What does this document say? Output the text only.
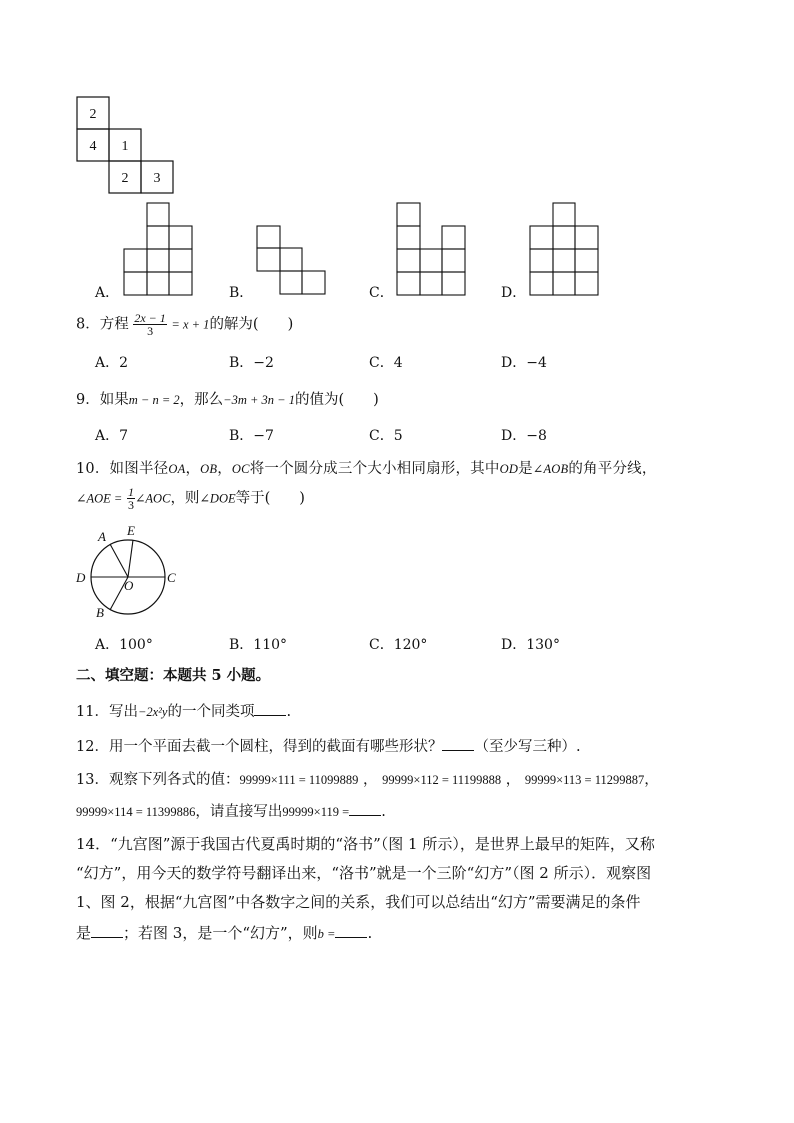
2
4 1
2 3
A．	B．	C．	D．
8．方程 $\frac{2x - 1}{3} = x + 1$的解为(　　)
A．2	B．−2	C．4	D．−4
9．如果m − n = 2，那么−3m + 3n − 1的值为(　　)
A．7	B．−7	C．5	D．−8
10．如图半径OA，OB，OC将一个圆分成三个大小相同扇形，其中OD是∠AOB的角平分线，
∠AOE = $\frac{1}{3}$ ∠AOC，则∠DOE等于(　　)
A E
D
O
C
B
A．100°	B．110°	C．120°	D．130°
二、填空题：本题共 5 小题。
11．写出−2x²y的一个同类项 .
12．用一个平面去截一个圆柱，得到的截面有哪些形状？ （至少写三种）.
13．观察下列各式的值：99999×111 = 11099889 ， 99999×112 = 11199888 ， 99999×113 = 11299887，
99999×114 = 11399886，请直接写出99999×119 = .
14．“九宫图”源于我国古代夏禹时期的“洛书”（图 1 所示），是世界上最早的矩阵，又称
“幻方”，用今天的数学符号翻译出来，“洛书”就是一个三阶“幻方”（图 2 所示）．观察图
1、图 2，根据“九宫图”中各数字之间的关系，我们可以总结出“幻方”需要满足的条件
是 ；若图 3，是一个“幻方”，则b = .
